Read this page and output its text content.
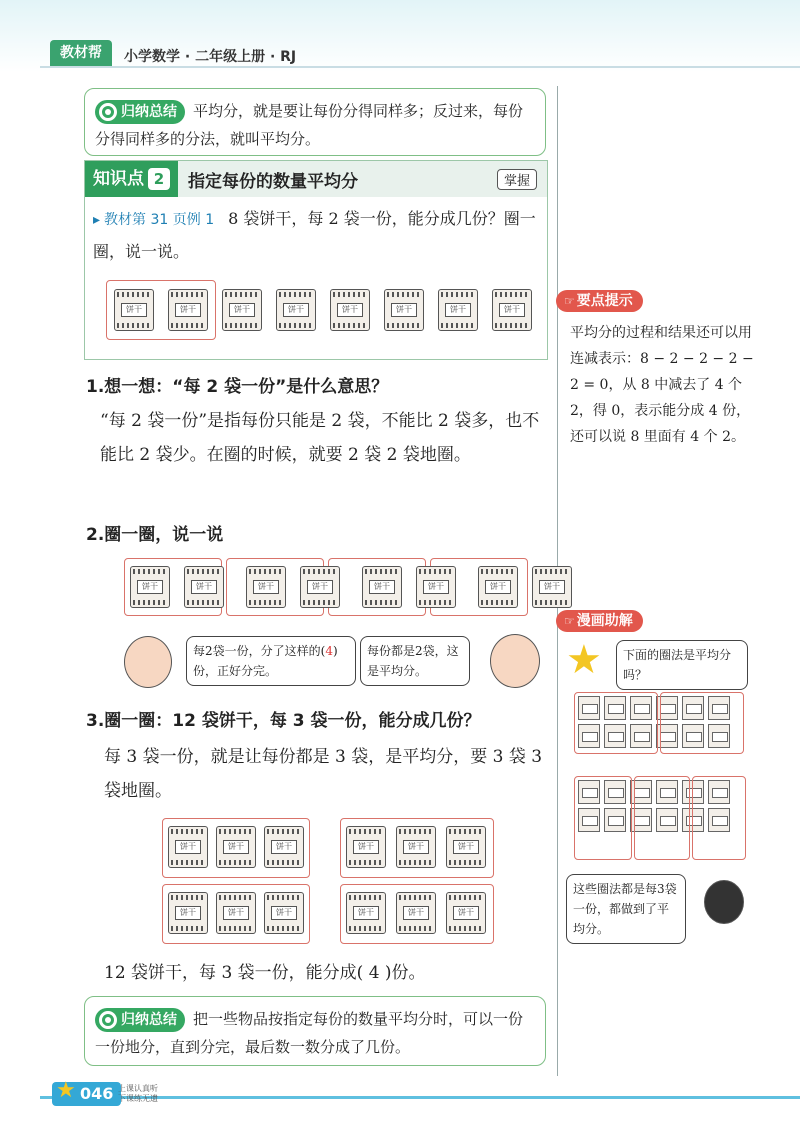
教材帮	小学数学 · 二年级上册 · RJ
归纳总结 平均分，就是要让每份分得同样多；反过来，每份分得同样多的分法，就叫平均分。
知识点 2	指定每份的数量平均分	掌握
▸ 教材第 31 页例 1 8 袋饼干，每 2 袋一份，能分成几份？圈一圈，说一说。
饼干	饼干	饼干	饼干	饼干	饼干	饼干	饼干
1.想一想：“每 2 袋一份”是什么意思？
“每 2 袋一份”是指每份只能是 2 袋，不能比 2 袋多，也不能比 2 袋少。在圈的时候，就要 2 袋 2 袋地圈。
2.圈一圈，说一说
饼干	饼干	饼干	饼干	饼干	饼干	饼干	饼干
每2袋一份，分了这样的(4)份，正好分完。
每份都是2袋，这是平均分。
3.圈一圈：12 袋饼干，每 3 袋一份，能分成几份？
每 3 袋一份，就是让每份都是 3 袋，是平均分，要 3 袋 3 袋地圈。
饼干	饼干	饼干	饼干	饼干	饼干
饼干	饼干	饼干	饼干	饼干	饼干
12 袋饼干，每 3 袋一份，能分成( 4 )份。
归纳总结 把一些物品按指定每份的数量平均分时，可以一份一份地分，直到分完，最后数一数分成了几份。
☞ 要点提示
平均分的过程和结果还可以用连减表示：8 − 2 − 2 − 2 − 2 = 0，从 8 中减去了 4 个 2，得 0，表示能分成 4 份，还可以说 8 里面有 4 个 2。
☞ 漫画助解
★	下面的圈法是平均分吗？
这些圈法都是每3袋一份，都做到了平均分。
046
★	上课认真听
下课练无遗
